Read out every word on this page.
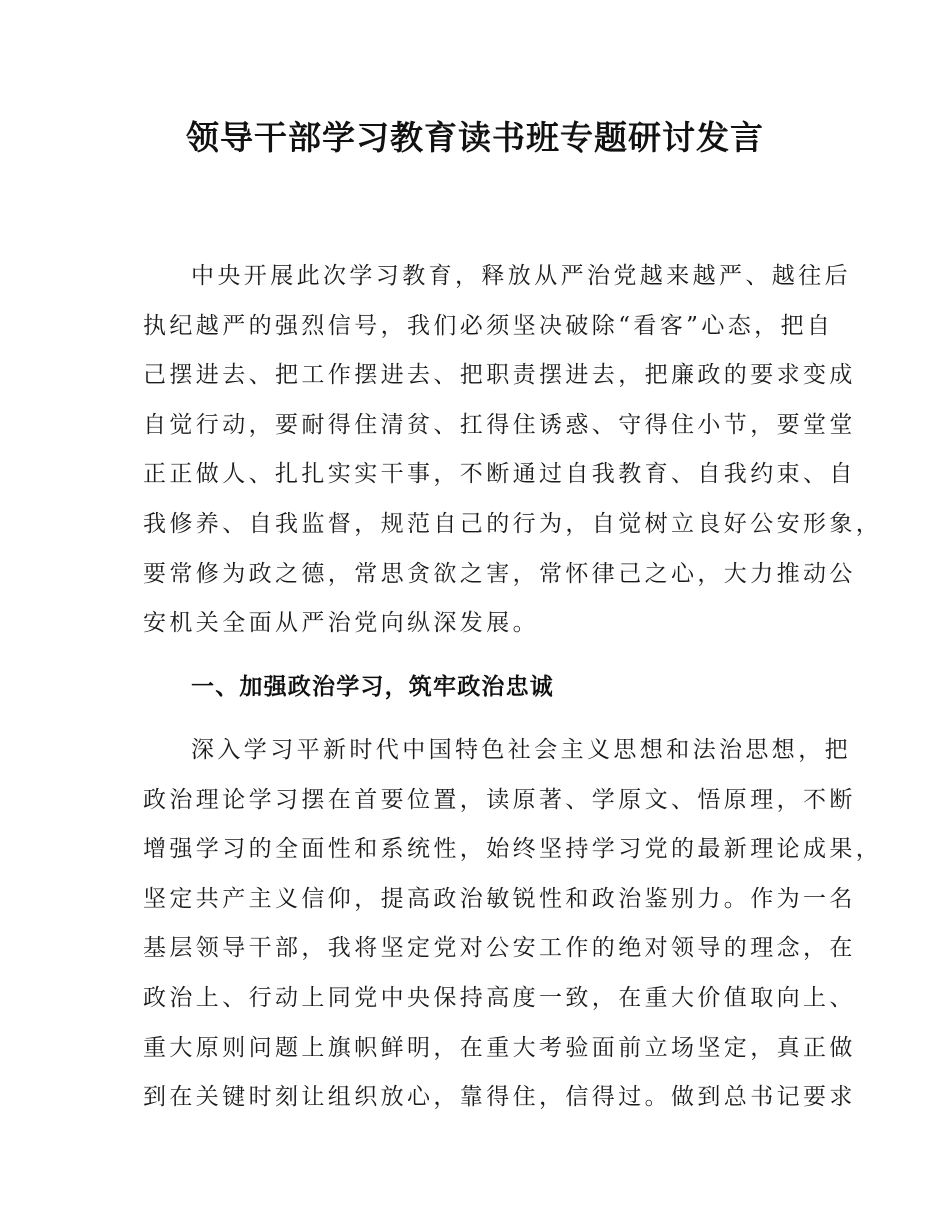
领导干部学习教育读书班专题研讨发言
中央开展此次学习教育，释放从严治党越来越严、越往后
执纪越严的强烈信号，我们必须坚决破除“看客”心态，把自
己摆进去、把工作摆进去、把职责摆进去，把廉政的要求变成
自觉行动，要耐得住清贫、扛得住诱惑、守得住小节，要堂堂
正正做人、扎扎实实干事，不断通过自我教育、自我约束、自
我修养、自我监督，规范自己的行为，自觉树立良好公安形象，
要常修为政之德，常思贪欲之害，常怀律己之心，大力推动公
安机关全面从严治党向纵深发展。
一、加强政治学习，筑牢政治忠诚
深入学习平新时代中国特色社会主义思想和法治思想，把
政治理论学习摆在首要位置，读原著、学原文、悟原理，不断
增强学习的全面性和系统性，始终坚持学习党的最新理论成果，
坚定共产主义信仰，提高政治敏锐性和政治鉴别力。作为一名
基层领导干部，我将坚定党对公安工作的绝对领导的理念，在
政治上、行动上同党中央保持高度一致，在重大价值取向上、
重大原则问题上旗帜鲜明，在重大考验面前立场坚定，真正做
到在关键时刻让组织放心，靠得住，信得过。做到总书记要求
